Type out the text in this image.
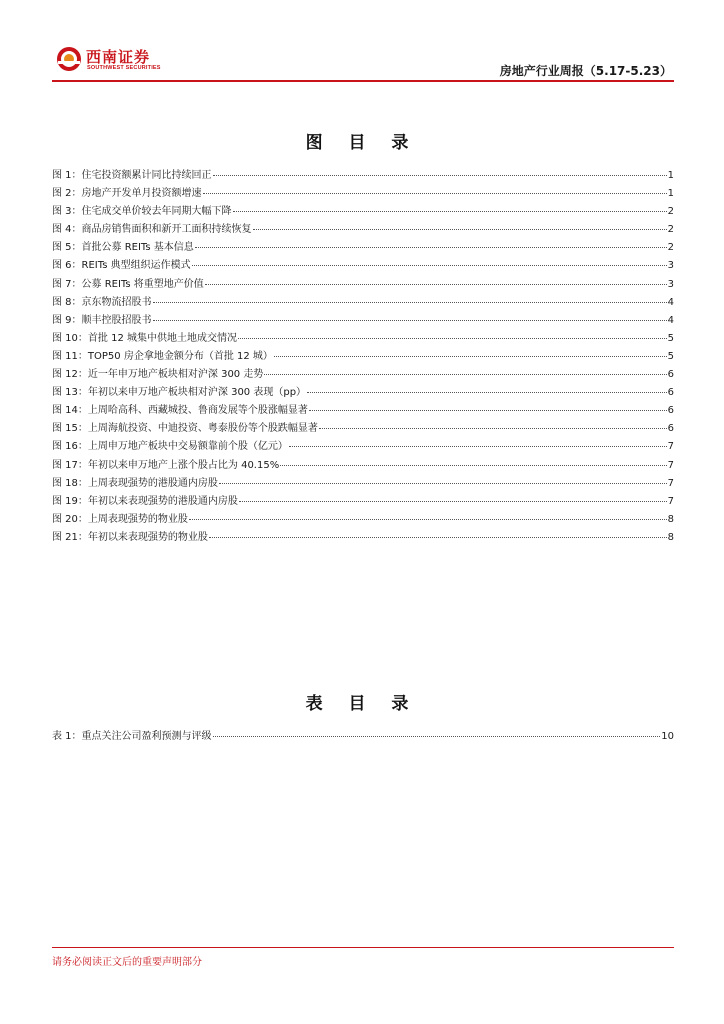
西南证券
SOUTHWEST SECURITIES	房地产行业周报（5.17-5.23）
图 目 录
图 1：住宅投资额累计同比持续回正	1
图 2：房地产开发单月投资额增速	1
图 3：住宅成交单价较去年同期大幅下降	2
图 4：商品房销售面积和新开工面积持续恢复	2
图 5：首批公募 REITs 基本信息	2
图 6：REITs 典型组织运作模式	3
图 7：公募 REITs 将重塑地产价值	3
图 8：京东物流招股书	4
图 9：顺丰控股招股书	4
图 10：首批 12 城集中供地土地成交情况	5
图 11：TOP50 房企拿地金额分布（首批 12 城）	5
图 12：近一年申万地产板块相对沪深 300 走势	6
图 13：年初以来申万地产板块相对沪深 300 表现（pp）	6
图 14：上周哈高科、西藏城投、鲁商发展等个股涨幅显著	6
图 15：上周海航投资、中迪投资、粤泰股份等个股跌幅显著	6
图 16：上周申万地产板块中交易额靠前个股（亿元）	7
图 17：年初以来申万地产上涨个股占比为 40.15%	7
图 18：上周表现强势的港股通内房股	7
图 19：年初以来表现强势的港股通内房股	7
图 20：上周表现强势的物业股	8
图 21：年初以来表现强势的物业股	8
表 目 录
表 1：重点关注公司盈利预测与评级	10
请务必阅读正文后的重要声明部分
